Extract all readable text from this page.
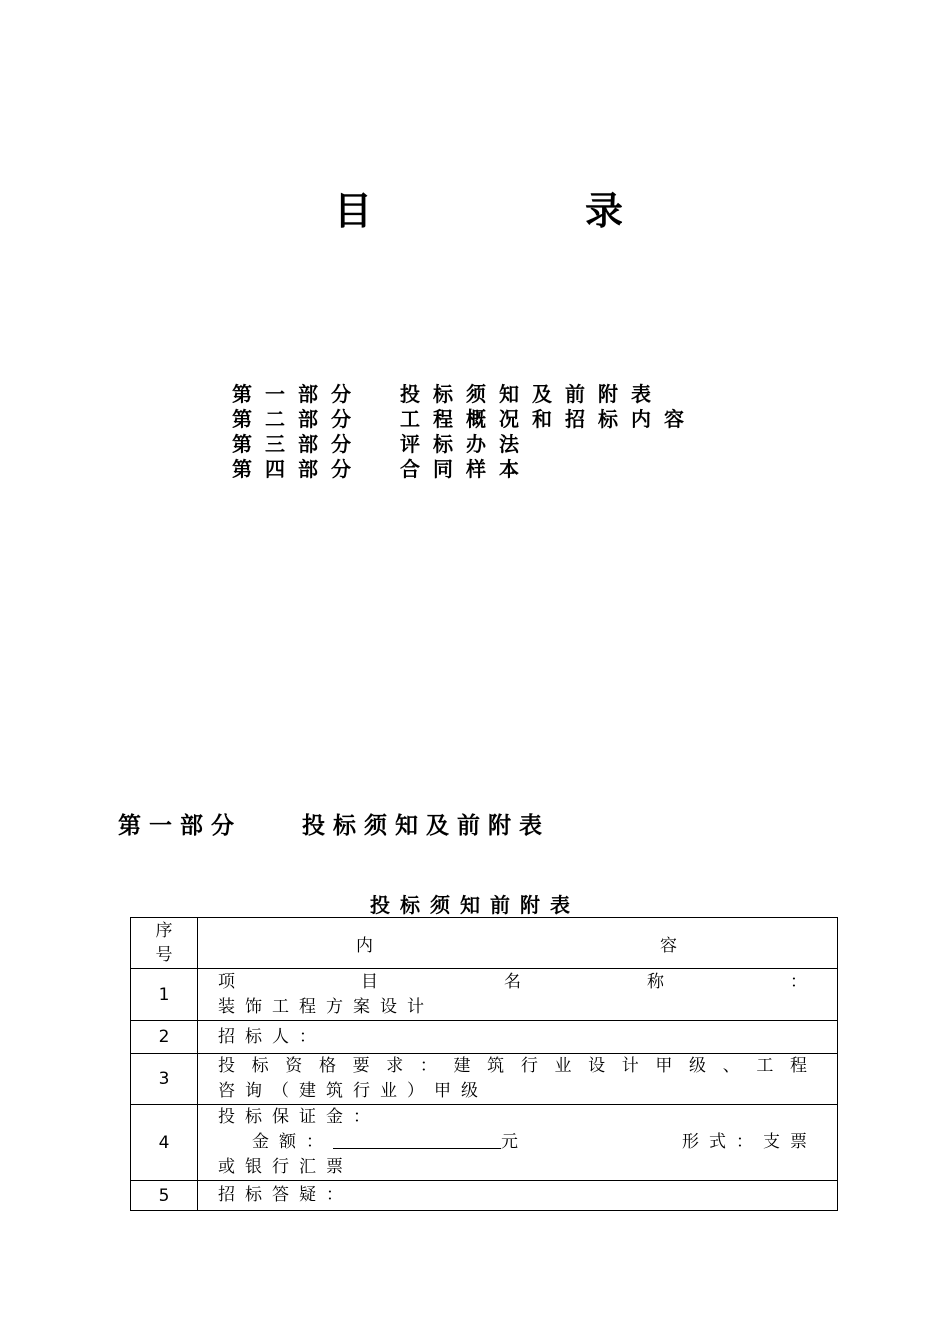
目	录
第一部分 投标须知及前附表
第二部分 工程概况和招标内容
第三部分 评标办法
第四部分 合同样本
第一部分	投标须知及前附表
投标须知前附表
序
号	内 容

1	项目名称：
装饰工程方案设计

2	招标人：

3	投标资格要求：建筑行业设计甲级、工程
咨询（建筑行业）甲级

4	投标保证金：
金额： 元 形式：支票
或银行汇票

5	招标答疑：
